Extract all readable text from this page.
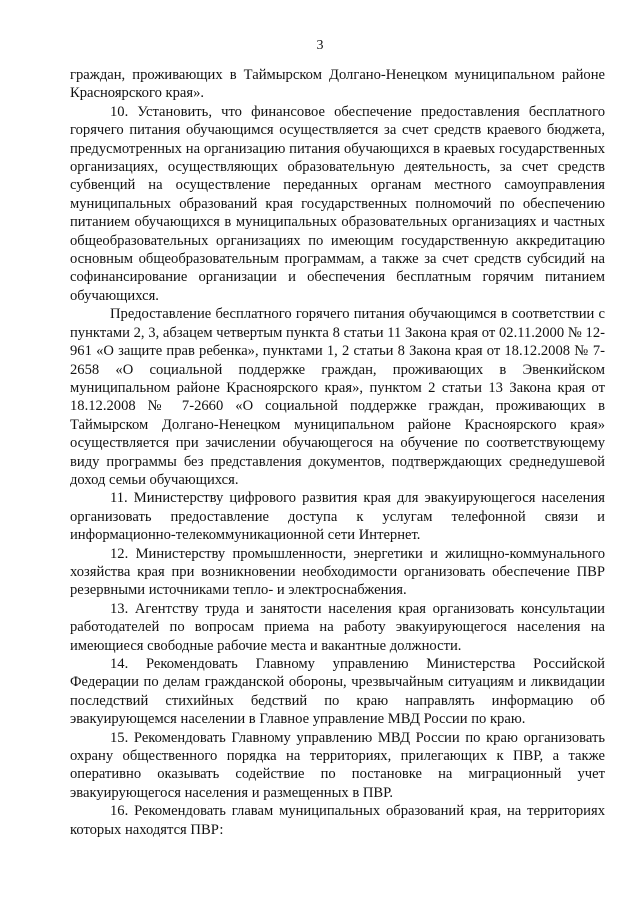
3

граждан, проживающих в Таймырском Долгано-Ненецком муниципальном районе Красноярского края».

10. Установить, что финансовое обеспечение предоставления бесплатного горячего питания обучающимся осуществляется за счет средств краевого бюджета, предусмотренных на организацию питания обучающихся в краевых государственных организациях, осуществляющих образовательную деятельность, за счет средств субвенций на осуществление переданных органам местного самоуправления муниципальных образований края государственных полномочий по обеспечению питанием обучающихся в муниципальных образовательных организациях и частных общеобразовательных организациях по имеющим государственную аккредитацию основным общеобразовательным программам, а также за счет средств субсидий на софинансирование организации и обеспечения бесплатным горячим питанием обучающихся.

Предоставление бесплатного горячего питания обучающимся в соответствии с пунктами 2, 3, абзацем четвертым пункта 8 статьи 11 Закона края от 02.11.2000 № 12-961 «О защите прав ребенка», пунктами 1, 2 статьи 8 Закона края от 18.12.2008 № 7-2658 «О социальной поддержке граждан, проживающих в Эвенкийском муниципальном районе Красноярского края», пунктом 2 статьи 13 Закона края от 18.12.2008 № 7-2660 «О социальной поддержке граждан, проживающих в Таймырском Долгано-Ненецком муниципальном районе Красноярского края» осуществляется при зачислении обучающегося на обучение по соответствующему виду программы без представления документов, подтверждающих среднедушевой доход семьи обучающихся.

11. Министерству цифрового развития края для эвакуирующегося населения организовать предоставление доступа к услугам телефонной связи и информационно-телекоммуникационной сети Интернет.

12. Министерству промышленности, энергетики и жилищно-коммунального хозяйства края при возникновении необходимости организовать обеспечение ПВР резервными источниками тепло- и электроснабжения.

13. Агентству труда и занятости населения края организовать консультации работодателей по вопросам приема на работу эвакуирующегося населения на имеющиеся свободные рабочие места и вакантные должности.

14. Рекомендовать Главному управлению Министерства Российской Федерации по делам гражданской обороны, чрезвычайным ситуациям и ликвидации последствий стихийных бедствий по краю направлять информацию об эвакуирующемся населении в Главное управление МВД России по краю.

15. Рекомендовать Главному управлению МВД России по краю организовать охрану общественного порядка на территориях, прилегающих к ПВР, а также оперативно оказывать содействие по постановке на миграционный учет эвакуирующегося населения и размещенных в ПВР.

16. Рекомендовать главам муниципальных образований края, на территориях которых находятся ПВР:
